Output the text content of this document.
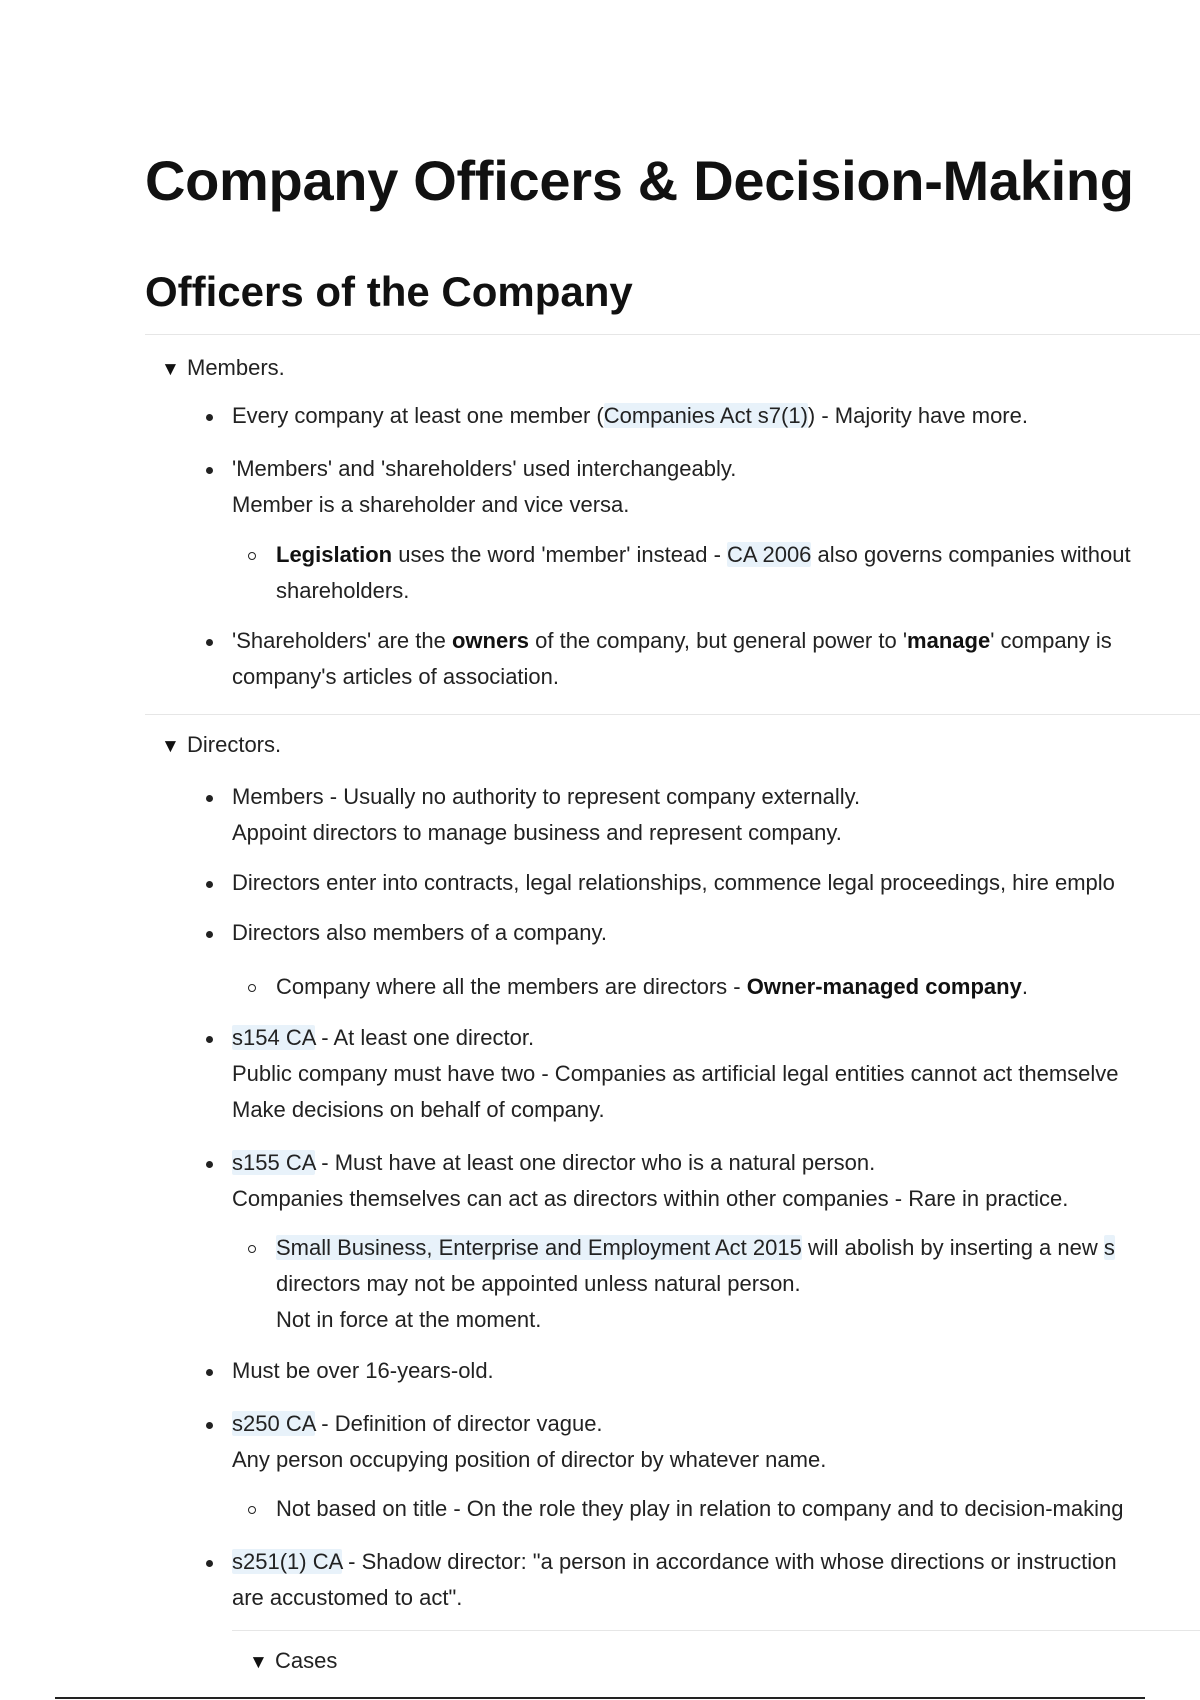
Company Officers & Decision-Making
Officers of the Company
▼ Members.
Every company at least one member (Companies Act s7(1)) - Majority have more.
'Members' and 'shareholders' used interchangeably.
Member is a shareholder and vice versa.
Legislation uses the word 'member' instead - CA 2006 also governs companies without
shareholders.
'Shareholders' are the owners of the company, but general power to 'manage' company is
company's articles of association.
▼ Directors.
Members - Usually no authority to represent company externally.
Appoint directors to manage business and represent company.
Directors enter into contracts, legal relationships, commence legal proceedings, hire emplo
Directors also members of a company.
Company where all the members are directors - Owner-managed company.
s154 CA - At least one director.
Public company must have two - Companies as artificial legal entities cannot act themselve
Make decisions on behalf of company.
s155 CA - Must have at least one director who is a natural person.
Companies themselves can act as directors within other companies - Rare in practice.
Small Business, Enterprise and Employment Act 2015 will abolish by inserting a new s
directors may not be appointed unless natural person.
Not in force at the moment.
Must be over 16-years-old.
s250 CA - Definition of director vague.
Any person occupying position of director by whatever name.
Not based on title - On the role they play in relation to company and to decision-making
s251(1) CA - Shadow director: "a person in accordance with whose directions or instruction
are accustomed to act".
▼ Cases
